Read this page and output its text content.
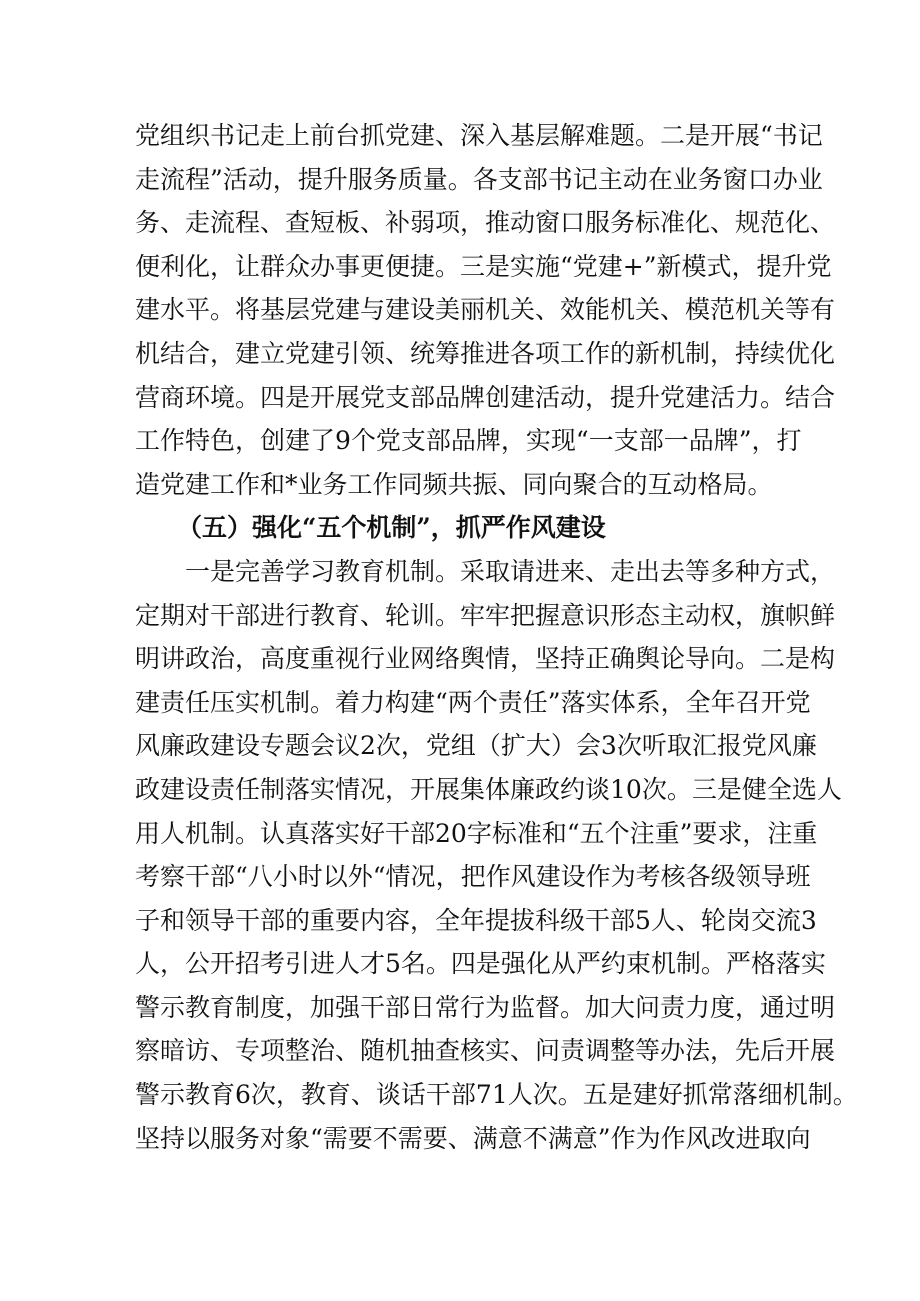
党组织书记走上前台抓党建、深入基层解难题。二是开展“书记
走流程”活动，提升服务质量。各支部书记主动在业务窗口办业
务、走流程、查短板、补弱项，推动窗口服务标准化、规范化、
便利化，让群众办事更便捷。三是实施“党建+”新模式，提升党
建水平。将基层党建与建设美丽机关、效能机关、模范机关等有
机结合，建立党建引领、统筹推进各项工作的新机制，持续优化
营商环境。四是开展党支部品牌创建活动，提升党建活力。结合
工作特色，创建了9个党支部品牌，实现“一支部一品牌”，打
造党建工作和*业务工作同频共振、同向聚合的互动格局。
（五）强化“五个机制”，抓严作风建设
一是完善学习教育机制。采取请进来、走出去等多种方式，
定期对干部进行教育、轮训。牢牢把握意识形态主动权，旗帜鲜
明讲政治，高度重视行业网络舆情，坚持正确舆论导向。二是构
建责任压实机制。着力构建“两个责任”落实体系，全年召开党
风廉政建设专题会议2次，党组（扩大）会3次听取汇报党风廉
政建设责任制落实情况，开展集体廉政约谈10次。三是健全选人
用人机制。认真落实好干部20字标准和“五个注重”要求，注重
考察干部“八小时以外“情况，把作风建设作为考核各级领导班
子和领导干部的重要内容，全年提拔科级干部5人、轮岗交流3
人，公开招考引进人才5名。四是强化从严约束机制。严格落实
警示教育制度，加强干部日常行为监督。加大问责力度，通过明
察暗访、专项整治、随机抽查核实、问责调整等办法，先后开展
警示教育6次，教育、谈话干部71人次。五是建好抓常落细机制。
坚持以服务对象“需要不需要、满意不满意”作为作风改进取向
